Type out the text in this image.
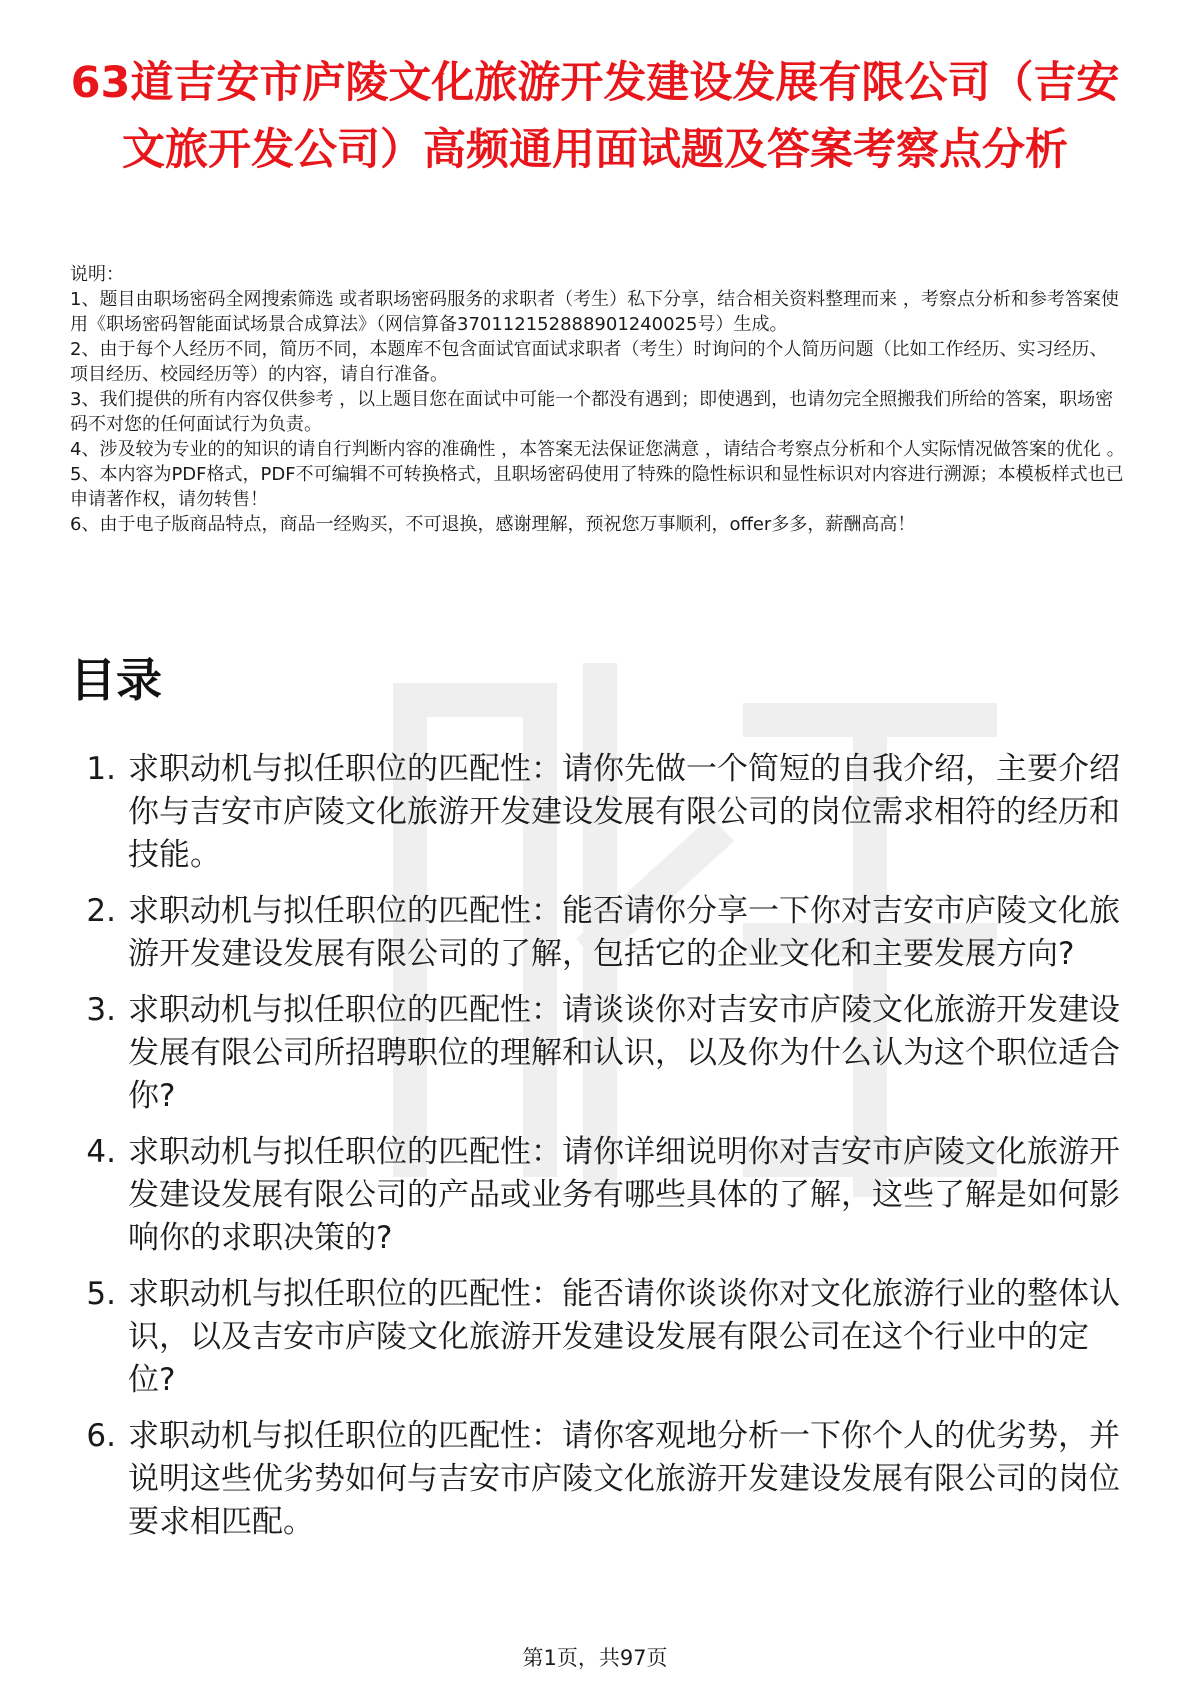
63道吉安市庐陵文化旅游开发建设发展有限公司（吉安文旅开发公司）高频通用面试题及答案考察点分析

说明：

1、题目由职场密码全网搜索筛选 或者职场密码服务的求职者（考生）私下分享，结合相关资料整理而来 ，考察点分析和参考答案使用《职场密码智能面试场景合成算法》（网信算备370112152888901240025号）生成。

2、由于每个人经历不同，简历不同，本题库不包含面试官面试求职者（考生）时询问的个人简历问题（比如工作经历、实习经历、项目经历、校园经历等）的内容，请自行准备。

3、我们提供的所有内容仅供参考 ，以上题目您在面试中可能一个都没有遇到；即使遇到，也请勿完全照搬我们所给的答案，职场密码不对您的任何面试行为负责。

4、涉及较为专业的的知识的请自行判断内容的准确性 ，本答案无法保证您满意 ，请结合考察点分析和个人实际情况做答案的优化 。

5、本内容为PDF格式，PDF不可编辑不可转换格式，且职场密码使用了特殊的隐性标识和显性标识对内容进行溯源；本模板样式也已申请著作权，请勿转售！

6、由于电子版商品特点，商品一经购买，不可退换，感谢理解，预祝您万事顺利，offer多多，薪酬高高！

目录
1. 求职动机与拟任职位的匹配性：请你先做一个简短的自我介绍，主要介绍你与吉安市庐陵文化旅游开发建设发展有限公司的岗位需求相符的经历和技能。
2. 求职动机与拟任职位的匹配性：能否请你分享一下你对吉安市庐陵文化旅游开发建设发展有限公司的了解，包括它的企业文化和主要发展方向?
3. 求职动机与拟任职位的匹配性：请谈谈你对吉安市庐陵文化旅游开发建设发展有限公司所招聘职位的理解和认识，以及你为什么认为这个职位适合你?
4. 求职动机与拟任职位的匹配性：请你详细说明你对吉安市庐陵文化旅游开发建设发展有限公司的产品或业务有哪些具体的了解，这些了解是如何影响你的求职决策的?
5. 求职动机与拟任职位的匹配性：能否请你谈谈你对文化旅游行业的整体认识，以及吉安市庐陵文化旅游开发建设发展有限公司在这个行业中的定位?
6. 求职动机与拟任职位的匹配性：请你客观地分析一下你个人的优劣势，并说明这些优劣势如何与吉安市庐陵文化旅游开发建设发展有限公司的岗位要求相匹配。
第1页，共97页
